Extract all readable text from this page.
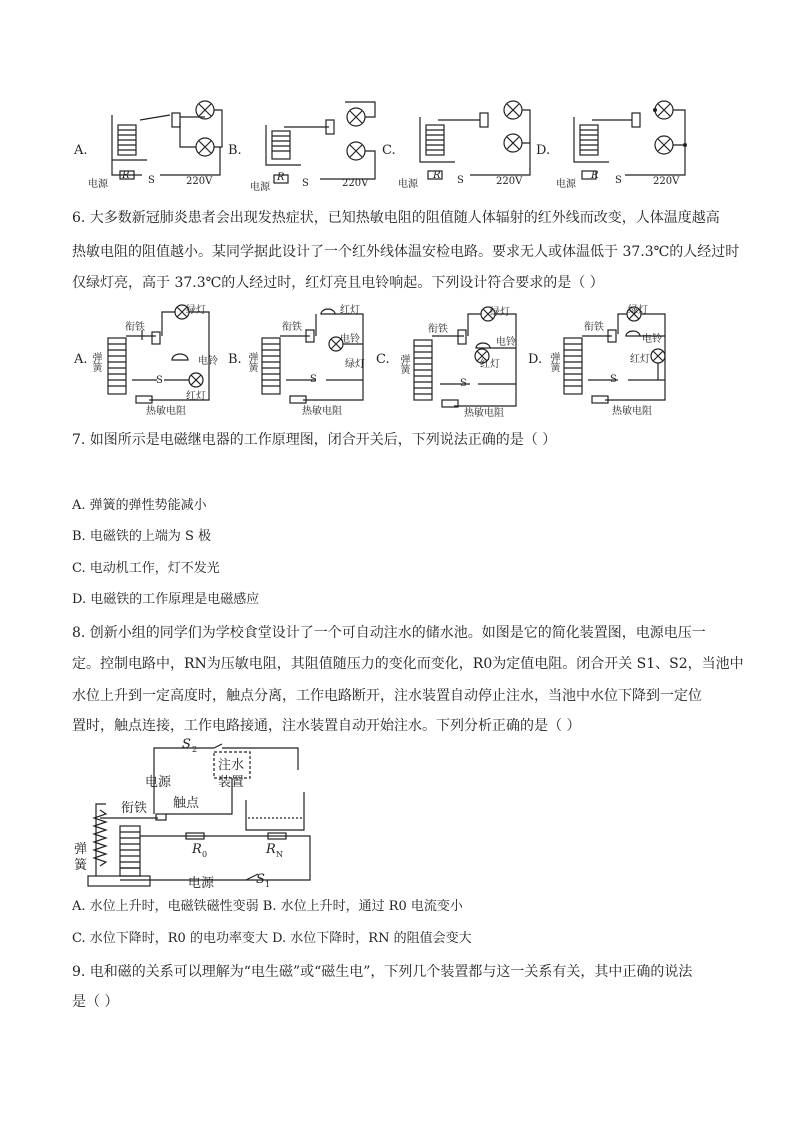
A.	B.	C.	D.
电源
R S	220V
电源
R
S	220V	电源
R S	220V	电源
R S	220V
6. 大多数新冠肺炎患者会出现发热症状，已知热敏电阻的阻值随人体辐射的红外线而改变，人体温度越高
热敏电阻的阻值越小。某同学据此设计了一个红外线体温安检电路。要求无人或体温低于 37.3℃的人经过时
仅绿灯亮，高于 37.3℃的人经过时，红灯亮且电铃响起。下列设计符合要求的是（ ）
A.	B.	C.	D.
衔铁
绿灯
电铃
弹簧
S
红灯
热敏电阻
衔铁
红灯
电铃
绿灯
弹簧
S
热敏电阻
衔铁
绿灯
电铃
红灯
弹簧
S
热敏电阻
衔铁
绿灯
电铃
红灯
弹簧
S
热敏电阻
7. 如图所示是电磁继电器的工作原理图，闭合开关后，下列说法正确的是（ ）
A. 弹簧的弹性势能减小
B. 电磁铁的上端为 S 极
C. 电动机工作，灯不发光
D. 电磁铁的工作原理是电磁感应
8. 创新小组的同学们为学校食堂设计了一个可自动注水的储水池。如图是它的简化装置图，电源电压一
定。控制电路中，RN为压敏电阻，其阻值随压力的变化而变化，R0为定值电阻。闭合开关 S1、S2，当池中
水位上升到一定高度时，触点分离，工作电路断开，注水装置自动停止注水，当池中水位下降到一定位
置时，触点连接，工作电路接通，注水装置自动开始注水。下列分析正确的是（ ）
S 2
电源
注水
装置
衔铁 触点
弹
簧
R 0	R N
电源	S 1
A. 水位上升时，电磁铁磁性变弱 B. 水位上升时，通过 R0 电流变小
C. 水位下降时，R0 的电功率变大 D. 水位下降时，RN 的阻值会变大
9. 电和磁的关系可以理解为“电生磁”或“磁生电”，下列几个装置都与这一关系有关，其中正确的说法
是（ ）
